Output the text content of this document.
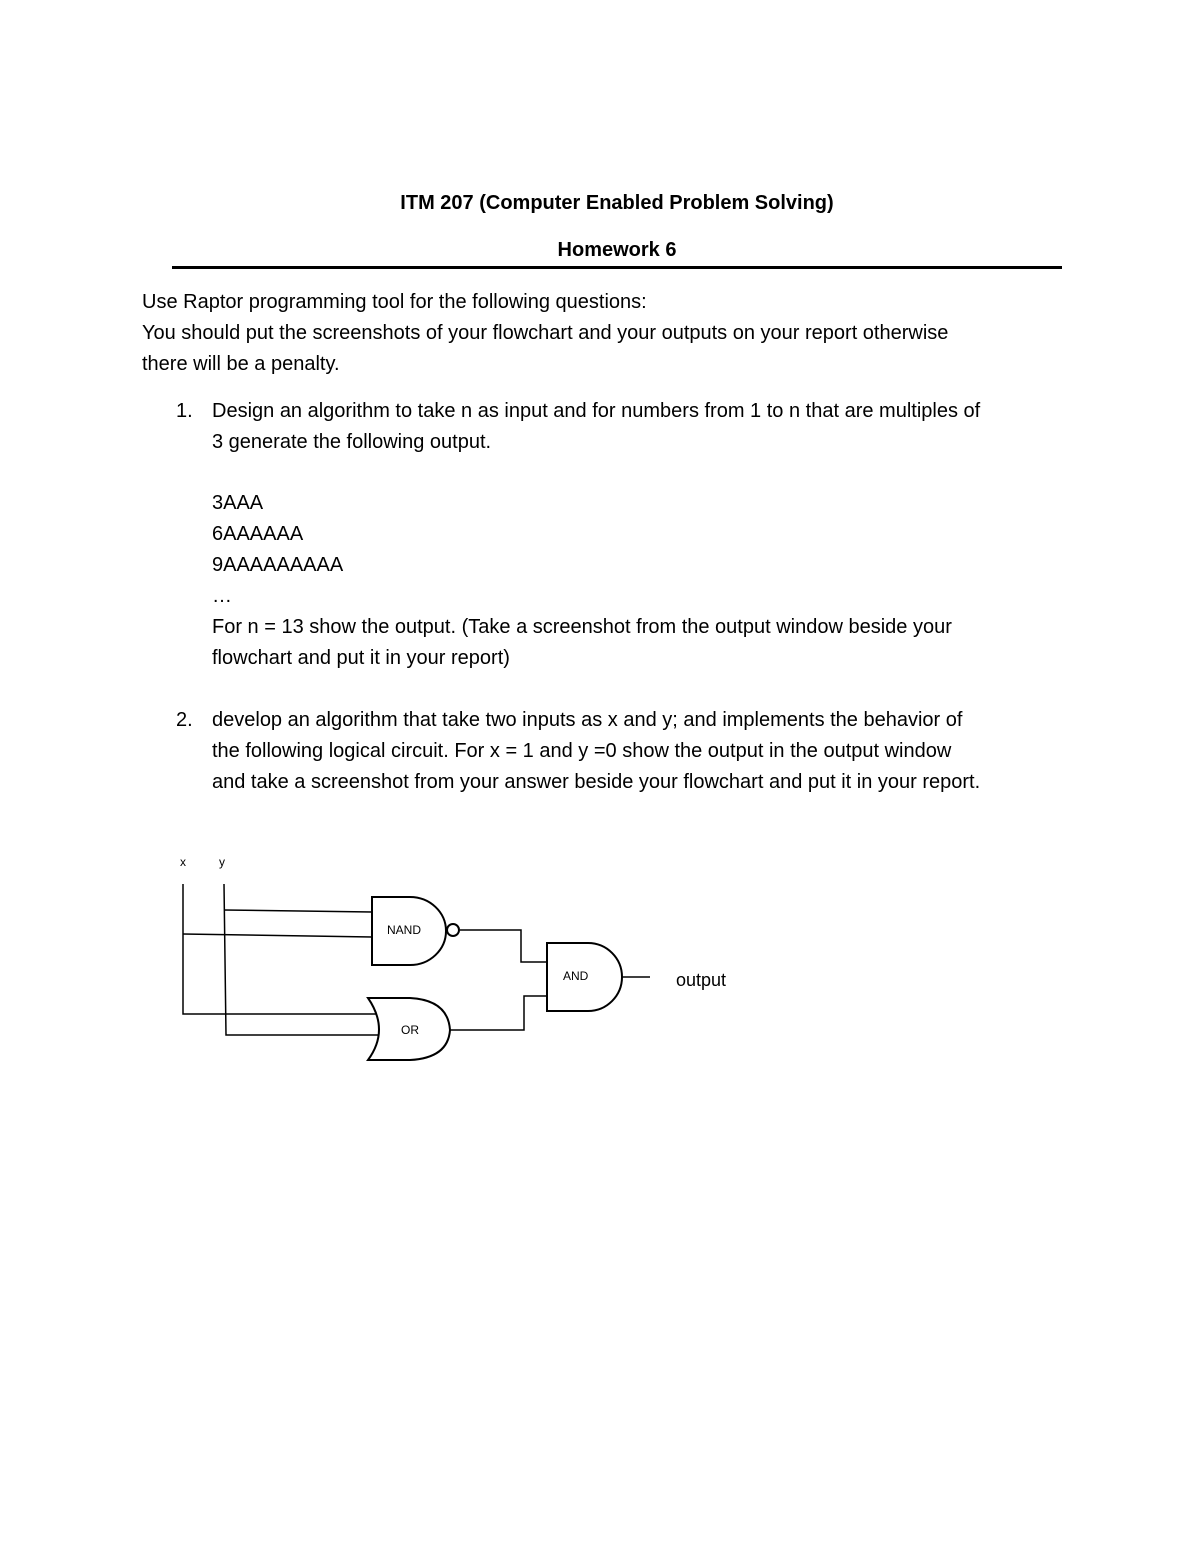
ITM 207 (Computer Enabled Problem Solving)
Homework 6
Use Raptor programming tool for the following questions:
You should put the screenshots of your flowchart and your outputs on your report otherwise
there will be a penalty.
1. Design an algorithm to take n as input and for numbers from 1 to n that are multiples of
3 generate the following output.
3AAA
6AAAAAA
9AAAAAAAAA
…
For n = 13 show the output. (Take a screenshot from the output window beside your
flowchart and put it in your report)
2. develop an algorithm that take two inputs as x and y; and implements the behavior of
the following logical circuit. For x = 1 and y =0 show the output in the output window
and take a screenshot from your answer beside your flowchart and put it in your report.
NAND
OR
AND
x	y
output
